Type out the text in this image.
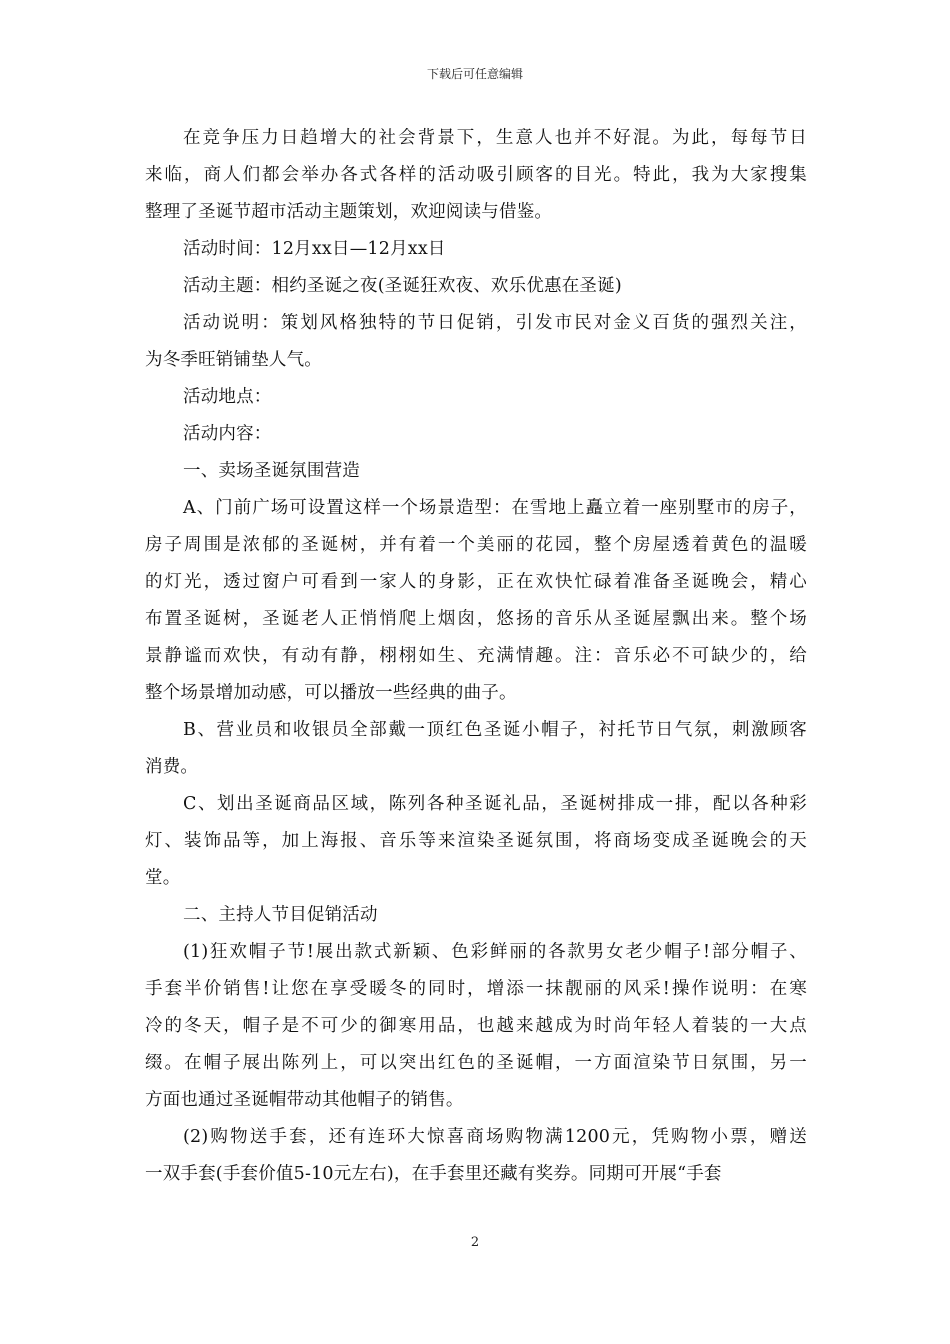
下载后可任意编辑
在竞争压力日趋增大的社会背景下，生意人也并不好混。为此，每每节日
来临，商人们都会举办各式各样的活动吸引顾客的目光。特此，我为大家搜集
整理了圣诞节超市活动主题策划，欢迎阅读与借鉴。
活动时间：12月xx日—12月xx日
活动主题：相约圣诞之夜(圣诞狂欢夜、欢乐优惠在圣诞)
活动说明：策划风格独特的节日促销，引发市民对金义百货的强烈关注，
为冬季旺销铺垫人气。
活动地点：
活动内容：
一、卖场圣诞氛围营造
A、门前广场可设置这样一个场景造型：在雪地上矗立着一座别墅市的房子，
房子周围是浓郁的圣诞树，并有着一个美丽的花园，整个房屋透着黄色的温暖
的灯光，透过窗户可看到一家人的身影，正在欢快忙碌着准备圣诞晚会，精心
布置圣诞树，圣诞老人正悄悄爬上烟囱，悠扬的音乐从圣诞屋飘出来。整个场
景静谧而欢快，有动有静，栩栩如生、充满情趣。注：音乐必不可缺少的，给
整个场景增加动感，可以播放一些经典的曲子。
B、营业员和收银员全部戴一顶红色圣诞小帽子，衬托节日气氛，刺激顾客
消费。
C、划出圣诞商品区域，陈列各种圣诞礼品，圣诞树排成一排，配以各种彩
灯、装饰品等，加上海报、音乐等来渲染圣诞氛围，将商场变成圣诞晚会的天
堂。
二、主持人节目促销活动
(1)狂欢帽子节!展出款式新颖、色彩鲜丽的各款男女老少帽子!部分帽子、
手套半价销售!让您在享受暖冬的同时，增添一抹靓丽的风采!操作说明：在寒
冷的冬天，帽子是不可少的御寒用品，也越来越成为时尚年轻人着装的一大点
缀。在帽子展出陈列上，可以突出红色的圣诞帽，一方面渲染节日氛围，另一
方面也通过圣诞帽带动其他帽子的销售。
(2)购物送手套，还有连环大惊喜商场购物满1200元，凭购物小票，赠送
一双手套(手套价值5-10元左右)，在手套里还藏有奖券。同期可开展“手套
2
